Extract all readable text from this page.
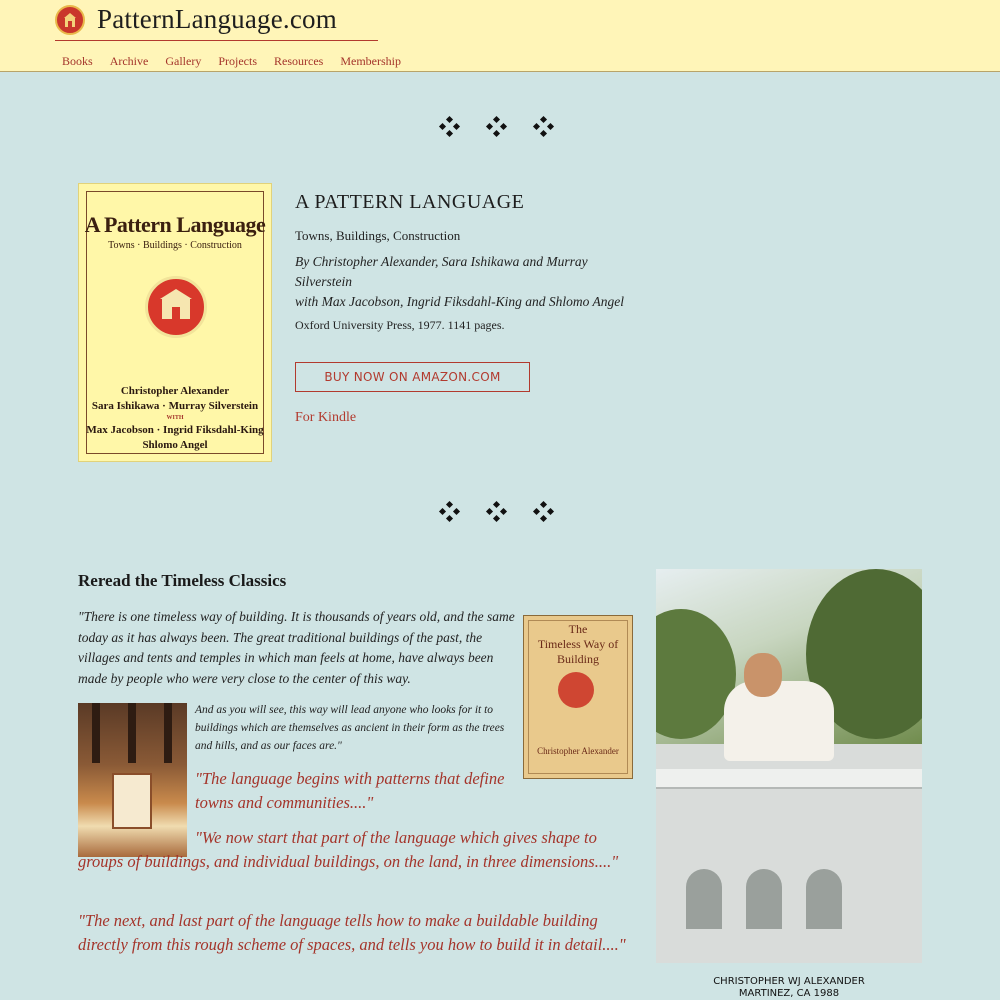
PatternLanguage.com
Books Archive Gallery Projects Resources Membership
A Pattern Language
Towns · Buildings · Construction
Christopher Alexander
Sara Ishikawa · Murray Silverstein
WITH
Max Jacobson · Ingrid Fiksdahl-King
Shlomo Angel
A PATTERN LANGUAGE
Towns, Buildings, Construction
By Christopher Alexander, Sara Ishikawa and Murray Silverstein
with Max Jacobson, Ingrid Fiksdahl-King and Shlomo Angel
Oxford University Press, 1977. 1141 pages.
BUY NOW ON AMAZON.COM
For Kindle
Reread the Timeless Classics

"There is one timeless way of building. It is thousands of years old, and the same today as it has always been. The great traditional buildings of the past, the villages and tents and temples in which man feels at home, have always been made by people who were very close to the center of this way.

And as you will see, this way will lead anyone who looks for it to buildings which are themselves as ancient in their form as the trees and hills, and as our faces are."

"The language begins with patterns that define towns and communities...."

"We now start that part of the language which gives shape to groups of buildings, and individual buildings, on the land, in three dimensions...."

"The next, and last part of the language tells how to make a buildable building directly from this rough scheme of spaces, and tells you how to build it in detail...."

The
Timeless Way of
Building
Christopher Alexander
CHRISTOPHER WJ ALEXANDER
MARTINEZ, CA 1988
